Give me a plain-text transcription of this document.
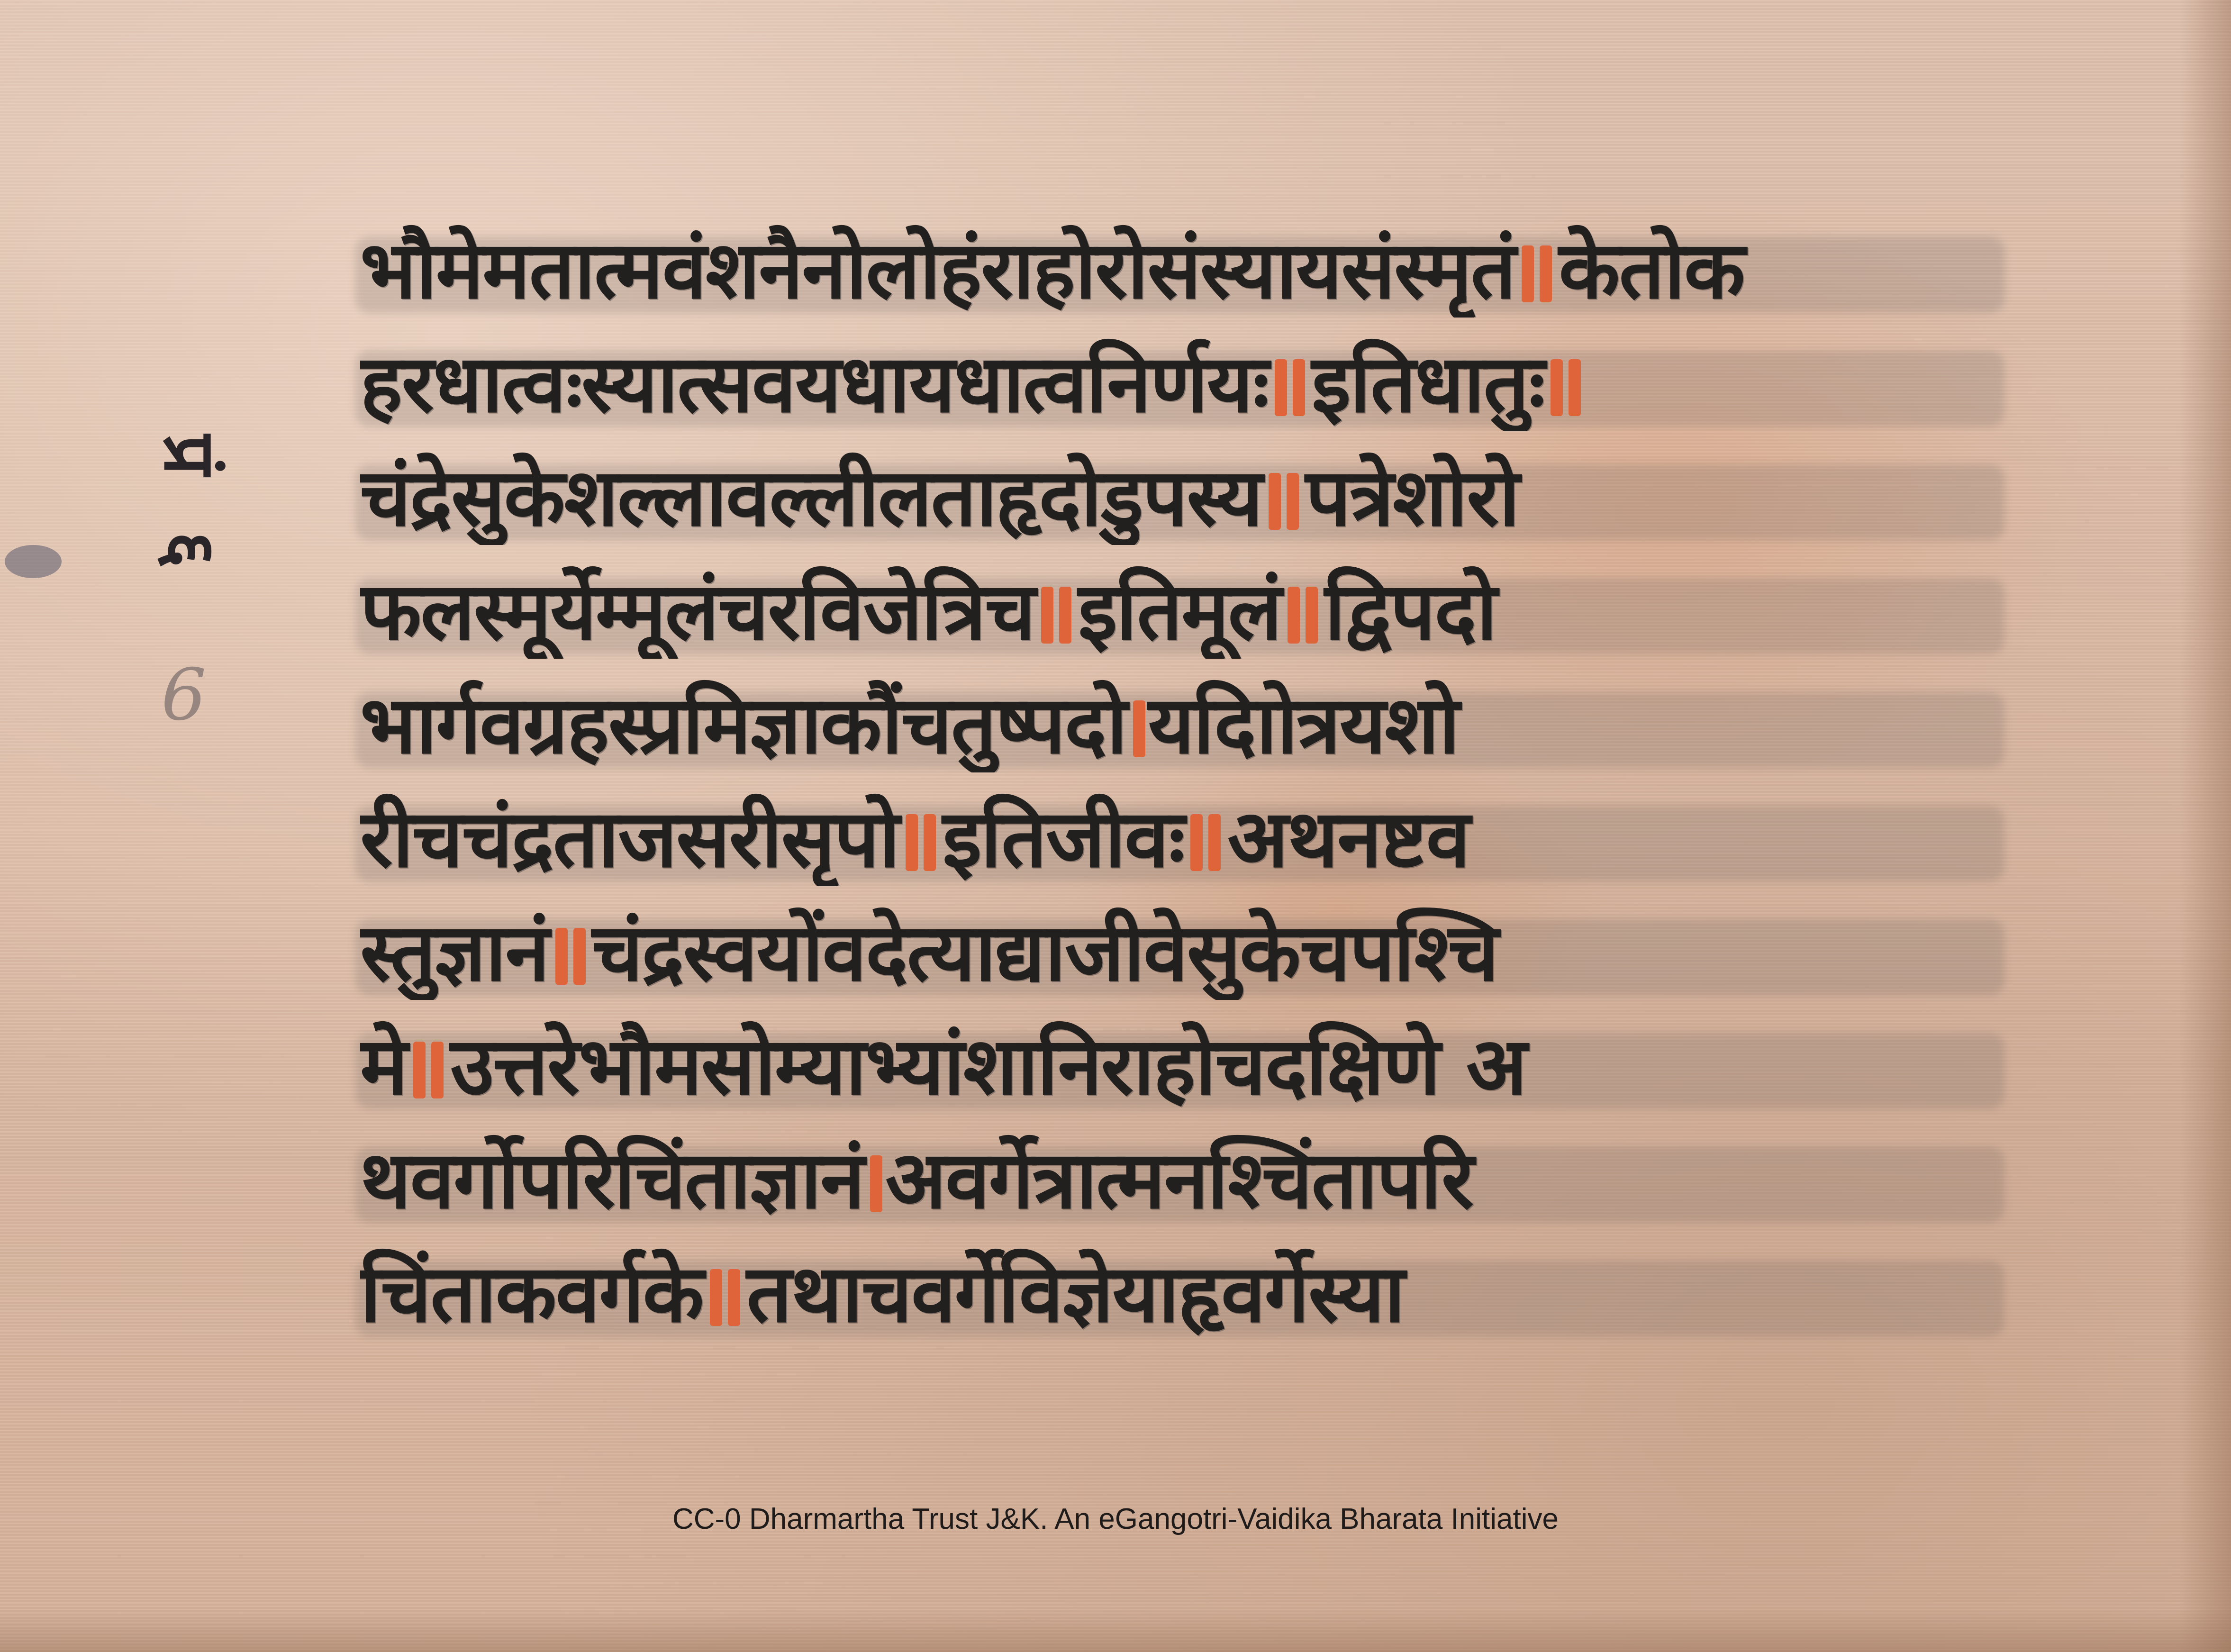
प्रं
६
6
भौमेमतात्मवंशनैनोलोहंराहोरोसंस्यायसंस्मृतं केतोक
हरधात्वःस्यात्सवयधायधात्वनिर्णयः इतिधातुः
चंद्रेसुकेशल्लावल्लीलताहृदोडुपस्य पत्रेशोरो
फलस्मूर्येम्मूलंचरविजेत्रिच इतिमूलं द्विपदो
भार्गवग्रहस्प्रमिज्ञाकौंचतुष्पदो यदिाोत्रयशो
रीचचंद्रताजसरीसृपो इतिजीवः अथनष्टव
स्तुज्ञानं चंद्रस्वयोंवदेत्याद्याजीवेसुकेचपश्चि
मे उत्तरेभौमसोम्याभ्यांशानिराहोचदक्षिणे अ
थवर्गोपरिचिंताज्ञानं अवर्गेत्रात्मनश्चिंतापरि
चिंताकवर्गके तथाचवर्गेविज्ञेयाहृवर्गेस्या
CC-0 Dharmartha Trust J&K. An eGangotri-Vaidika Bharata Initiative
